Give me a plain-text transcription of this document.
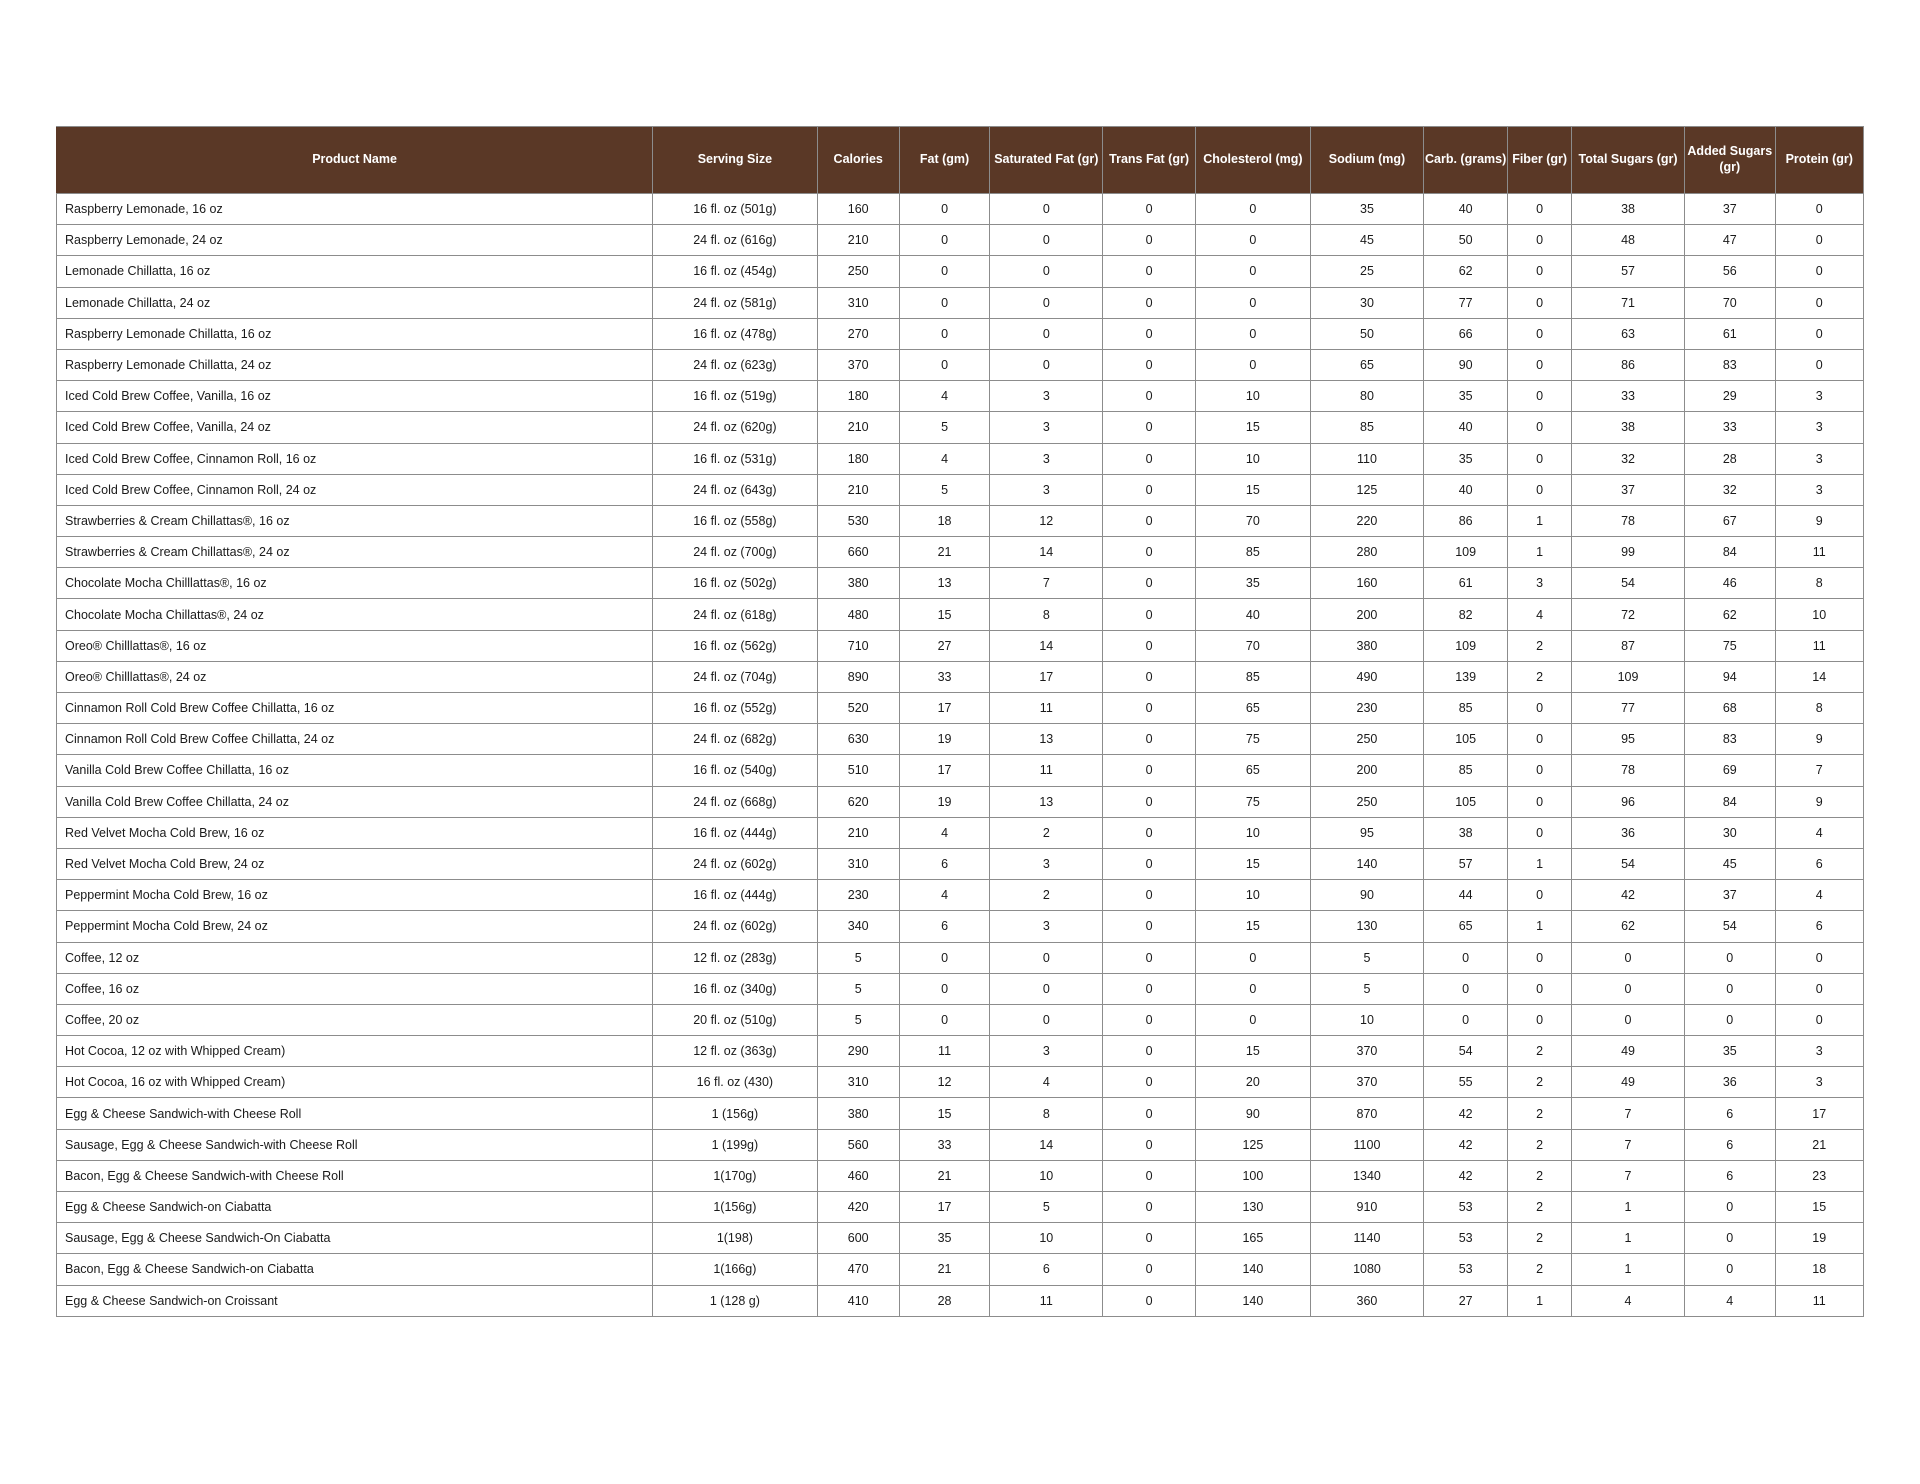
Product Name	Serving Size	Calories	Fat (gm)	Saturated Fat (gr)	Trans Fat (gr)	Cholesterol (mg)	Sodium (mg)	Carb. (grams)	Fiber (gr)	Total Sugars (gr)	Added Sugars (gr)	Protein (gr)
Raspberry Lemonade, 16 oz	16 fl. oz (501g)	160	0	0	0	0	35	40	0	38	37	0
Raspberry Lemonade, 24 oz	24 fl. oz (616g)	210	0	0	0	0	45	50	0	48	47	0
Lemonade Chillatta, 16 oz	16 fl. oz (454g)	250	0	0	0	0	25	62	0	57	56	0
Lemonade Chillatta, 24 oz	24 fl. oz (581g)	310	0	0	0	0	30	77	0	71	70	0
Raspberry Lemonade Chillatta, 16 oz	16 fl. oz (478g)	270	0	0	0	0	50	66	0	63	61	0
Raspberry Lemonade Chillatta, 24 oz	24 fl. oz (623g)	370	0	0	0	0	65	90	0	86	83	0
Iced Cold Brew Coffee, Vanilla, 16 oz	16 fl. oz (519g)	180	4	3	0	10	80	35	0	33	29	3
Iced Cold Brew Coffee, Vanilla, 24 oz	24 fl. oz (620g)	210	5	3	0	15	85	40	0	38	33	3
Iced Cold Brew Coffee, Cinnamon Roll, 16 oz	16 fl. oz (531g)	180	4	3	0	10	110	35	0	32	28	3
Iced Cold Brew Coffee, Cinnamon Roll, 24 oz	24 fl. oz (643g)	210	5	3	0	15	125	40	0	37	32	3
Strawberries & Cream Chillattas®, 16 oz	16 fl. oz (558g)	530	18	12	0	70	220	86	1	78	67	9
Strawberries & Cream Chillattas®, 24 oz	24 fl. oz (700g)	660	21	14	0	85	280	109	1	99	84	11
Chocolate Mocha Chilllattas®, 16 oz	16 fl. oz (502g)	380	13	7	0	35	160	61	3	54	46	8
Chocolate Mocha Chillattas®, 24 oz	24 fl. oz (618g)	480	15	8	0	40	200	82	4	72	62	10
Oreo® Chilllattas®, 16 oz	16 fl. oz (562g)	710	27	14	0	70	380	109	2	87	75	11
Oreo® Chilllattas®, 24 oz	24 fl. oz (704g)	890	33	17	0	85	490	139	2	109	94	14
Cinnamon Roll Cold Brew Coffee Chillatta, 16 oz	16 fl. oz (552g)	520	17	11	0	65	230	85	0	77	68	8
Cinnamon Roll Cold Brew Coffee Chillatta, 24 oz	24 fl. oz (682g)	630	19	13	0	75	250	105	0	95	83	9
Vanilla Cold Brew Coffee Chillatta, 16 oz	16 fl. oz (540g)	510	17	11	0	65	200	85	0	78	69	7
Vanilla Cold Brew Coffee Chillatta, 24 oz	24 fl. oz (668g)	620	19	13	0	75	250	105	0	96	84	9
Red Velvet Mocha Cold Brew, 16 oz	16 fl. oz (444g)	210	4	2	0	10	95	38	0	36	30	4
Red Velvet Mocha Cold Brew, 24 oz	24 fl. oz (602g)	310	6	3	0	15	140	57	1	54	45	6
Peppermint Mocha Cold Brew, 16 oz	16 fl. oz (444g)	230	4	2	0	10	90	44	0	42	37	4
Peppermint Mocha Cold Brew, 24 oz	24 fl. oz (602g)	340	6	3	0	15	130	65	1	62	54	6
Coffee, 12 oz	12 fl. oz (283g)	5	0	0	0	0	5	0	0	0	0	0
Coffee, 16 oz	16 fl. oz (340g)	5	0	0	0	0	5	0	0	0	0	0
Coffee, 20 oz	20 fl. oz (510g)	5	0	0	0	0	10	0	0	0	0	0
Hot Cocoa, 12 oz with Whipped Cream)	12 fl. oz (363g)	290	11	3	0	15	370	54	2	49	35	3
Hot Cocoa, 16 oz with Whipped Cream)	16 fl. oz (430)	310	12	4	0	20	370	55	2	49	36	3
Egg & Cheese Sandwich-with Cheese Roll	1 (156g)	380	15	8	0	90	870	42	2	7	6	17
Sausage, Egg & Cheese Sandwich-with Cheese Roll	1 (199g)	560	33	14	0	125	1100	42	2	7	6	21
Bacon, Egg & Cheese Sandwich-with Cheese Roll	1(170g)	460	21	10	0	100	1340	42	2	7	6	23
Egg & Cheese Sandwich-on Ciabatta	1(156g)	420	17	5	0	130	910	53	2	1	0	15
Sausage, Egg & Cheese Sandwich-On Ciabatta	1(198)	600	35	10	0	165	1140	53	2	1	0	19
Bacon, Egg & Cheese Sandwich-on Ciabatta	1(166g)	470	21	6	0	140	1080	53	2	1	0	18
Egg & Cheese Sandwich-on Croissant	1 (128 g)	410	28	11	0	140	360	27	1	4	4	11
